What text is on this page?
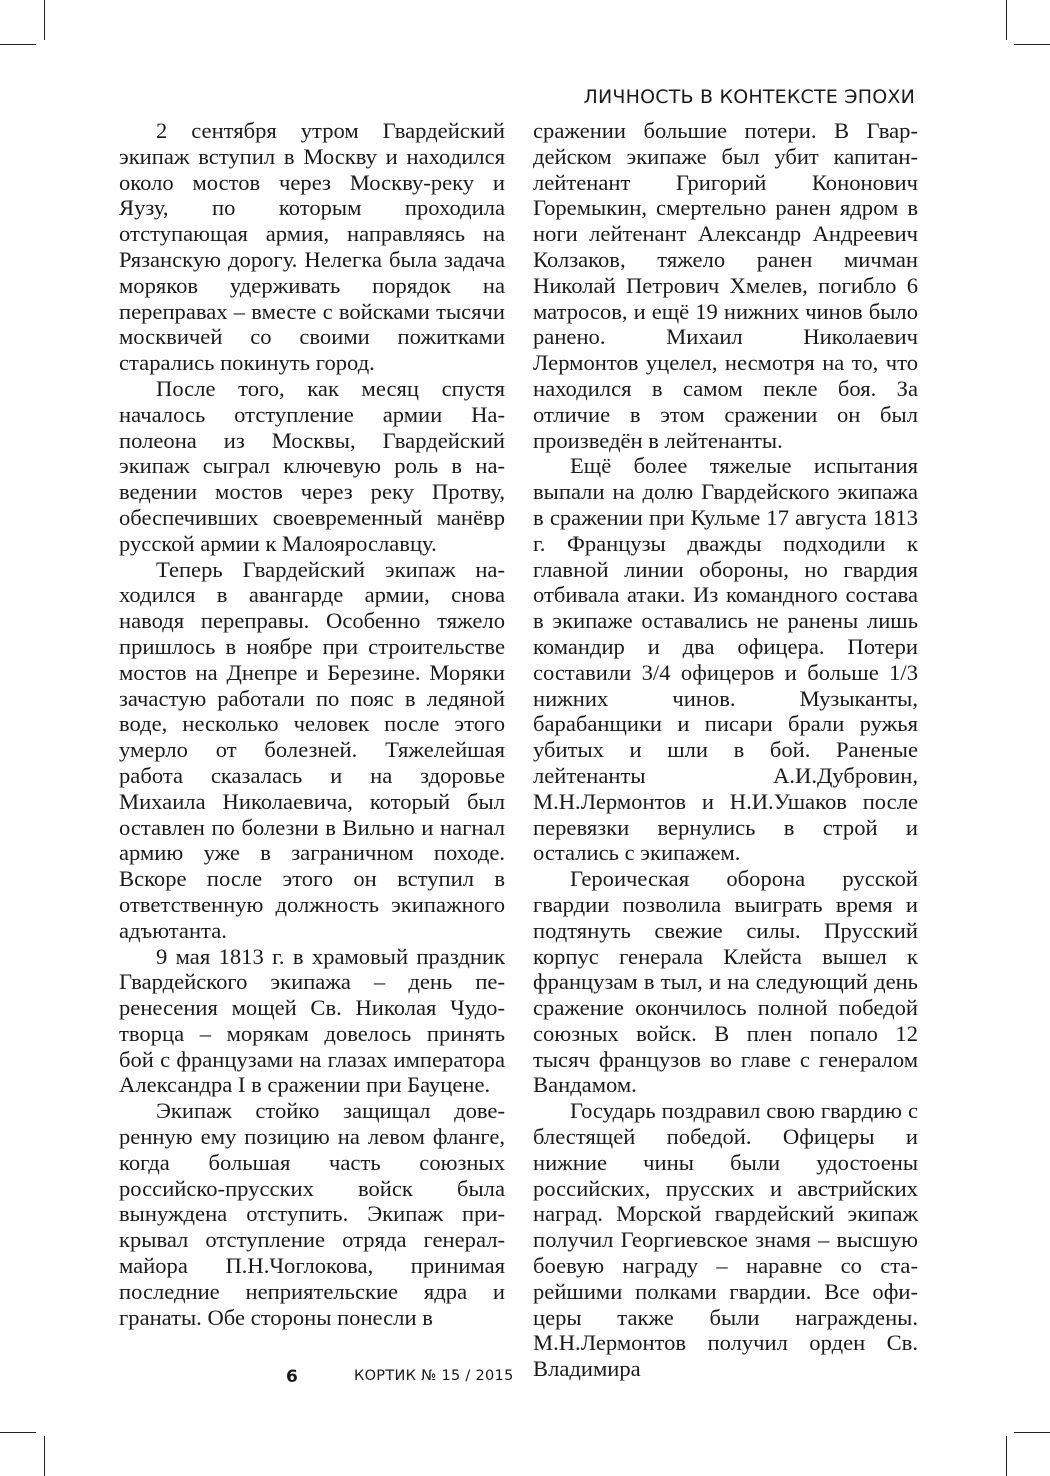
ЛИЧНОСТЬ В КОНТЕКСТЕ ЭПОХИ

2 сентября утром Гвардейский экипаж вступил в Москву и находился около мостов через Москву-реку и Яузу, по которым проходила отступающая армия, направляясь на Рязанскую дорогу. Нелегка была задача моряков удерживать порядок на переправах – вместе с войсками тысячи москвичей со своими пожитками старались покинуть город.

После того, как месяц спустя началось отступление армии Наполеона из Москвы, Гвардейский экипаж сыграл ключевую роль в наведении мостов через реку Протву, обеспечивших своевременный манёвр русской армии к Малоярославцу.

Теперь Гвардейский экипаж находился в авангарде армии, снова наводя переправы. Особенно тяжело пришлось в ноябре при строительстве мостов на Днепре и Березине. Моряки зачастую работали по пояс в ледяной воде, несколько человек после этого умерло от болезней. Тяжелейшая работа сказалась и на здоровье Михаила Николаевича, который был оставлен по болезни в Вильно и нагнал армию уже в заграничном походе. Вскоре после этого он вступил в ответственную должность экипажного адъютанта.

9 мая 1813 г. в храмовый праздник Гвардейского экипажа – день перенесения мощей Св. Николая Чудотворца – морякам довелось принять бой с французами на глазах императора Александра I в сражении при Бауцене.

Экипаж стойко защищал доверенную ему позицию на левом фланге, когда большая часть союзных российско-прусских войск была вынуждена отступить. Экипаж прикрывал отступление отряда генерал-майора П.Н.Чоглокова, принимая последние неприятельские ядра и гранаты. Обе стороны понесли в

сражении большие потери. В Гвардейском экипаже был убит капитан-лейтенант Григорий Кононович Горемыкин, смертельно ранен ядром в ноги лейтенант Александр Андреевич Колзаков, тяжело ранен мичман Николай Петрович Хмелев, погибло 6 матросов, и ещё 19 нижних чинов было ранено. Михаил Николаевич Лермонтов уцелел, несмотря на то, что находился в самом пекле боя. За отличие в этом сражении он был произведён в лейтенанты.

Ещё более тяжелые испытания выпали на долю Гвардейского экипажа в сражении при Кульме 17 августа 1813 г. Французы дважды подходили к главной линии обороны, но гвардия отбивала атаки. Из командного состава в экипаже оставались не ранены лишь командир и два офицера. Потери составили 3/4 офицеров и больше 1/3 нижних чинов. Музыканты, барабанщики и писари брали ружья убитых и шли в бой. Раненые лейтенанты А.И.Дубровин, М.Н.Лермонтов и Н.И.Ушаков после перевязки вернулись в строй и остались с экипажем.

Героическая оборона русской гвардии позволила выиграть время и подтянуть свежие силы. Прусский корпус генерала Клейста вышел к французам в тыл, и на следующий день сражение окончилось полной победой союзных войск. В плен попало 12 тысяч французов во главе с генералом Вандамом.

Государь поздравил свою гвардию с блестящей победой. Офицеры и нижние чины были удостоены российских, прусских и австрийских наград. Морской гвардейский экипаж получил Георгиевское знамя – высшую боевую награду – наравне со старейшими полками гвардии. Все офицеры также были награждены. М.Н.Лермонтов получил орден Св. Владимира

6	КОРТИК № 15 / 2015
